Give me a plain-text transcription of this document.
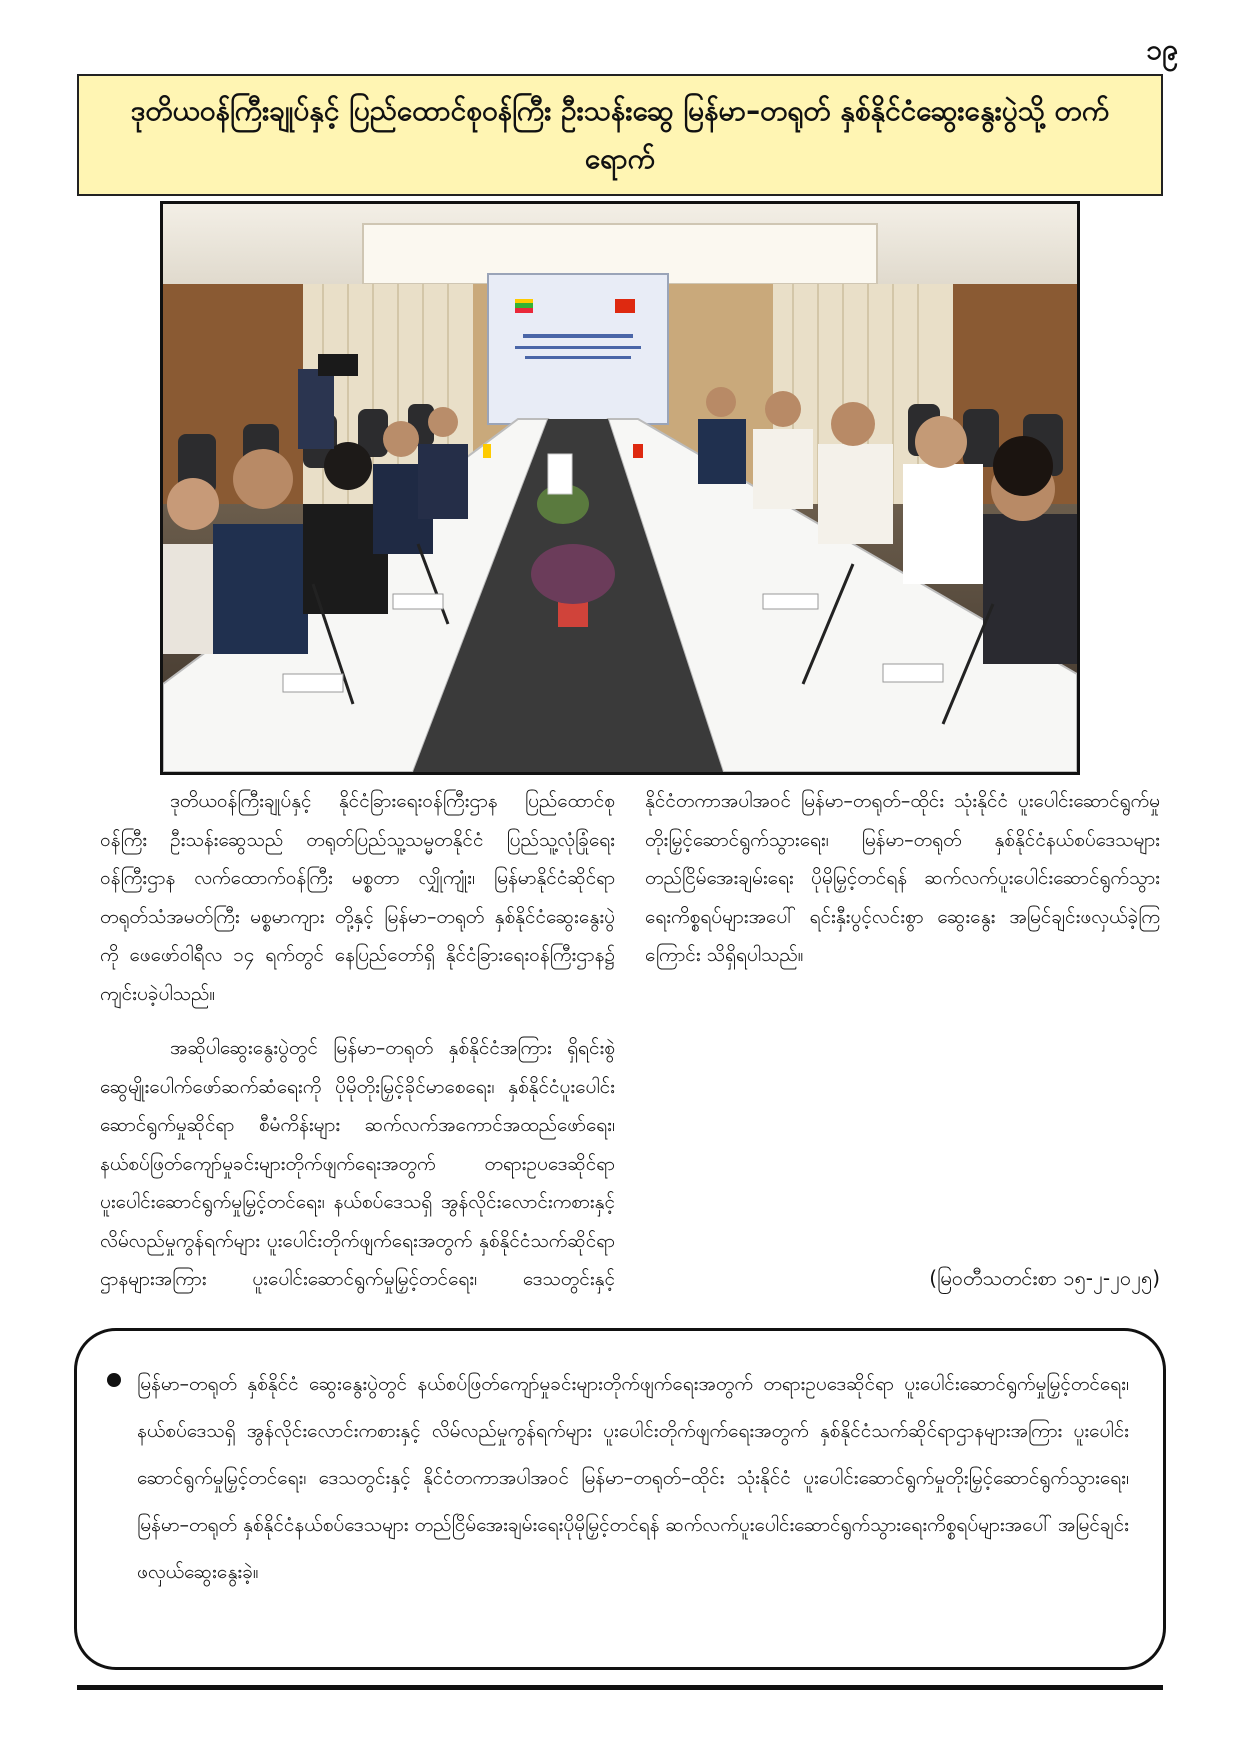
၁၉
ဒုတိယဝန်ကြီးချုပ်နှင့် ပြည်ထောင်စုဝန်ကြီး ဦးသန်းဆွေ မြန်မာ–တရုတ် နှစ်နိုင်ငံဆွေးနွေးပွဲသို့ တက်ရောက်

ဒုတိယဝန်ကြီးချုပ်နှင့် နိုင်ငံခြားရေးဝန်ကြီးဌာန ပြည်ထောင်စုဝန်ကြီး ဦးသန်းဆွေသည် တရုတ်ပြည်သူ့သမ္မတနိုင်ငံ ပြည်သူ့လုံခြုံရေးဝန်ကြီးဌာန လက်ထောက်ဝန်ကြီး မစ္စတာ လျှိုကျုံး၊ မြန်မာနိုင်ငံဆိုင်ရာ တရုတ်သံအမတ်ကြီး မစ္စမာကျား တို့နှင့် မြန်မာ–တရုတ် နှစ်နိုင်ငံဆွေးနွေးပွဲကို ဖေဖော်ဝါရီလ ၁၄ ရက်တွင် နေပြည်တော်ရှိ နိုင်ငံခြားရေးဝန်ကြီးဌာန၌ ကျင်းပခဲ့ပါသည်။

အဆိုပါဆွေးနွေးပွဲတွင် မြန်မာ–တရုတ် နှစ်နိုင်ငံအကြား ရှိရင်းစွဲဆွေမျိုးပေါက်ဖော်ဆက်ဆံရေးကို ပိုမိုတိုးမြှင့်ခိုင်မာစေရေး၊ နှစ်နိုင်ငံပူးပေါင်းဆောင်ရွက်မှုဆိုင်ရာ စီမံကိန်းများ ဆက်လက်အကောင်အထည်ဖော်ရေး၊ နယ်စပ်ဖြတ်ကျော်မှုခင်းများတိုက်ဖျက်ရေးအတွက် တရားဥပဒေဆိုင်ရာ ပူးပေါင်းဆောင်ရွက်မှုမြှင့်တင်ရေး၊ နယ်စပ်ဒေသရှိ အွန်လိုင်းလောင်းကစားနှင့် လိမ်လည်မှုကွန်ရက်များ ပူးပေါင်းတိုက်ဖျက်ရေးအတွက် နှစ်နိုင်ငံသက်ဆိုင်ရာဌာနများအကြား ပူးပေါင်းဆောင်ရွက်မှုမြှင့်တင်ရေး၊ ဒေသတွင်းနှင့် နိုင်ငံတကာအပါအဝင် မြန်မာ–တရုတ်–ထိုင်း သုံးနိုင်ငံ ပူးပေါင်းဆောင်ရွက်မှုတိုးမြှင့်ဆောင်ရွက်သွားရေး၊ မြန်မာ–တရုတ် နှစ်နိုင်ငံနယ်စပ်ဒေသများ တည်ငြိမ်အေးချမ်းရေး ပိုမိုမြှင့်တင်ရန် ဆက်လက်ပူးပေါင်းဆောင်ရွက်သွားရေးကိစ္စရပ်များအပေါ် ရင်းနှီးပွင့်လင်းစွာ ဆွေးနွေး အမြင်ချင်းဖလှယ်ခဲ့ကြကြောင်း သိရှိရပါသည်။

(မြဝတီသတင်းစာ ၁၅-၂-၂၀၂၅)

မြန်မာ–တရုတ် နှစ်နိုင်ငံ ဆွေးနွေးပွဲတွင် နယ်စပ်ဖြတ်ကျော်မှုခင်းများတိုက်ဖျက်ရေးအတွက် တရားဥပဒေဆိုင်ရာ ပူးပေါင်းဆောင်ရွက်မှုမြှင့်တင်ရေး၊ နယ်စပ်ဒေသရှိ အွန်လိုင်းလောင်းကစားနှင့် လိမ်လည်မှုကွန်ရက်များ ပူးပေါင်းတိုက်ဖျက်ရေးအတွက် နှစ်နိုင်ငံသက်ဆိုင်ရာဌာနများအကြား ပူးပေါင်းဆောင်ရွက်မှုမြှင့်တင်ရေး၊ ဒေသတွင်းနှင့် နိုင်ငံတကာအပါအဝင် မြန်မာ–တရုတ်–ထိုင်း သုံးနိုင်ငံ ပူးပေါင်းဆောင်ရွက်မှုတိုးမြှင့်ဆောင်ရွက်သွားရေး၊ မြန်မာ–တရုတ် နှစ်နိုင်ငံနယ်စပ်ဒေသများ တည်ငြိမ်အေးချမ်းရေးပိုမိုမြှင့်တင်ရန် ဆက်လက်ပူးပေါင်းဆောင်ရွက်သွားရေးကိစ္စရပ်များအပေါ် အမြင်ချင်းဖလှယ်ဆွေးနွေးခဲ့။
